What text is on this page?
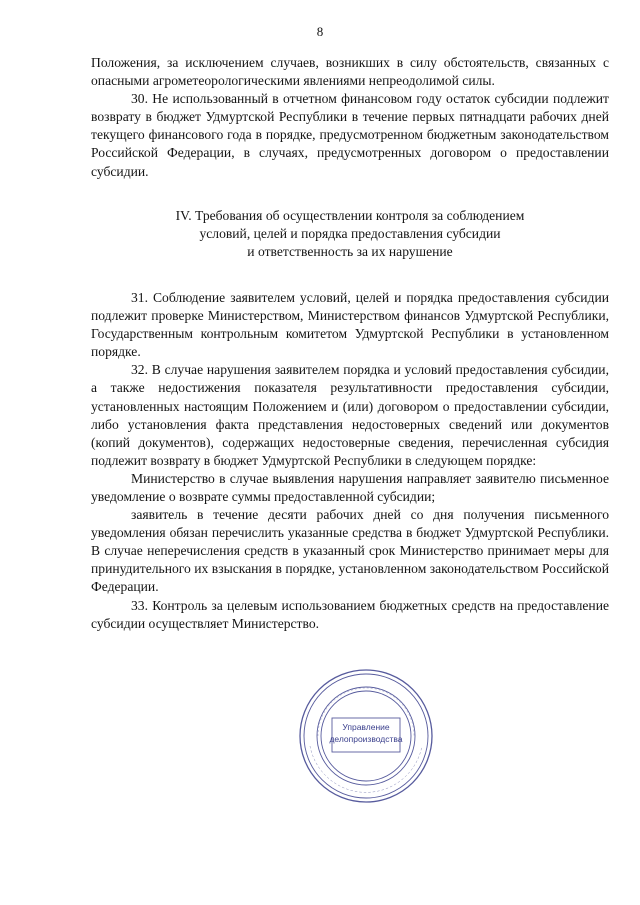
8

Положения, за исключением случаев, возникших в силу обстоятельств, связанных с опасными агрометеорологическими явлениями непреодолимой силы.

30. Не использованный в отчетном финансовом году остаток субсидии подлежит возврату в бюджет Удмуртской Республики в течение первых пятнадцати рабочих дней текущего финансового года в порядке, предусмотренном бюджетным законодательством Российской Федерации, в случаях, предусмотренных договором о предоставлении субсидии.

IV. Требования об осуществлении контроля за соблюдением
условий, целей и порядка предоставления субсидии
и ответственность за их нарушение

31. Соблюдение заявителем условий, целей и порядка предоставления субсидии подлежит проверке Министерством, Министерством финансов Удмуртской Республики, Государственным контрольным комитетом Удмуртской Республики в установленном порядке.

32. В случае нарушения заявителем порядка и условий предоставления субсидии, а также недостижения показателя результативности предоставления субсидии, установленных настоящим Положением и (или) договором о предоставлении субсидии, либо установления факта представления недостоверных сведений или документов (копий документов), содержащих недостоверные сведения, перечисленная субсидия подлежит возврату в бюджет Удмуртской Республики в следующем порядке:

Министерство в случае выявления нарушения направляет заявителю письменное уведомление о возврате суммы предоставленной субсидии;

заявитель в течение десяти рабочих дней со дня получения письменного уведомления обязан перечислить указанные средства в бюджет Удмуртской Республики. В случае неперечисления средств в указанный срок Министерство принимает меры для принудительного их взыскания в порядке, установленном законодательством Российской Федерации.

33. Контроль за целевым использованием бюджетных средств на предоставление субсидии осуществляет Министерство.

Управление
делопроизводства
